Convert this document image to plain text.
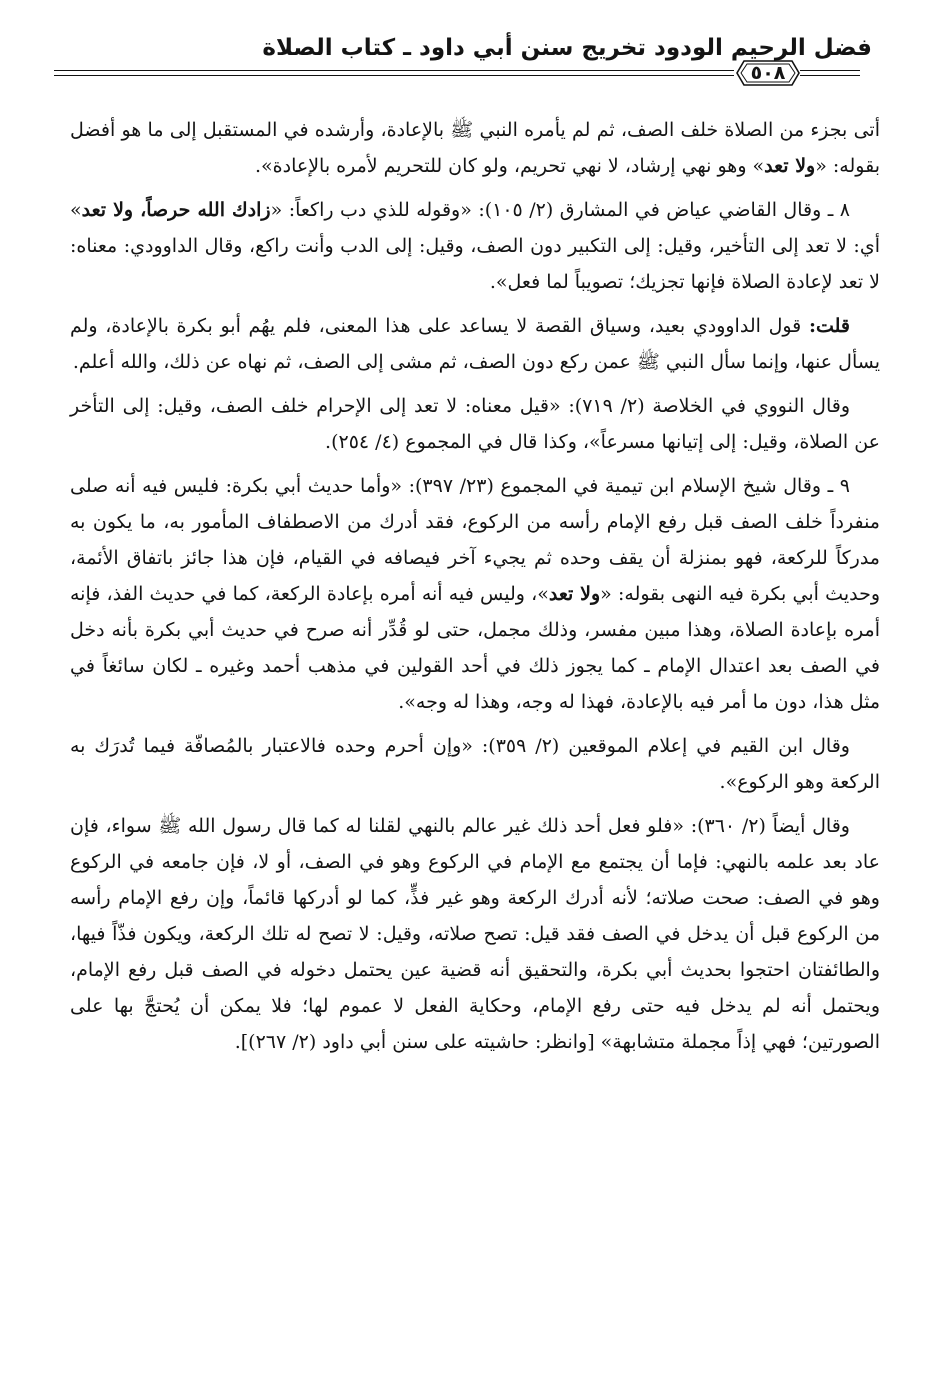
فضل الرحيم الودود تخريج سنن أبي داود ـ كتاب الصلاة
٥٠٨

أتى بجزء من الصلاة خلف الصف، ثم لم يأمره النبي ﷺ بالإعادة، وأرشده في المستقبل إلى ما هو أفضل بقوله: «ولا تعد» وهو نهي إرشاد، لا نهي تحريم، ولو كان للتحريم لأمره بالإعادة».

٨ ـ وقال القاضي عياض في المشارق (٢/ ١٠٥): «وقوله للذي دب راكعاً: «زادك الله حرصاً، ولا تعد» أي: لا تعد إلى التأخير، وقيل: إلى التكبير دون الصف، وقيل: إلى الدب وأنت راكع، وقال الداوودي: معناه: لا تعد لإعادة الصلاة فإنها تجزيك؛ تصويباً لما فعل».

قلت: قول الداوودي بعيد، وسياق القصة لا يساعد على هذا المعنى، فلم يهُم أبو بكرة بالإعادة، ولم يسأل عنها، وإنما سأل النبي ﷺ عمن ركع دون الصف، ثم مشى إلى الصف، ثم نهاه عن ذلك، والله أعلم.

وقال النووي في الخلاصة (٢/ ٧١٩): «قيل معناه: لا تعد إلى الإحرام خلف الصف، وقيل: إلى التأخر عن الصلاة، وقيل: إلى إتيانها مسرعاً»، وكذا قال في المجموع (٤/ ٢٥٤).

٩ ـ وقال شيخ الإسلام ابن تيمية في المجموع (٢٣/ ٣٩٧): «وأما حديث أبي بكرة: فليس فيه أنه صلى منفرداً خلف الصف قبل رفع الإمام رأسه من الركوع، فقد أدرك من الاصطفاف المأمور به، ما يكون به مدركاً للركعة، فهو بمنزلة أن يقف وحده ثم يجيء آخر فيصافه في القيام، فإن هذا جائز باتفاق الأئمة، وحديث أبي بكرة فيه النهى بقوله: «ولا تعد»، وليس فيه أنه أمره بإعادة الركعة، كما في حديث الفذ، فإنه أمره بإعادة الصلاة، وهذا مبين مفسر، وذلك مجمل، حتى لو قُدِّر أنه صرح في حديث أبي بكرة بأنه دخل في الصف بعد اعتدال الإمام ـ كما يجوز ذلك في أحد القولين في مذهب أحمد وغيره ـ لكان سائغاً في مثل هذا، دون ما أمر فيه بالإعادة، فهذا له وجه، وهذا له وجه».

وقال ابن القيم في إعلام الموقعين (٢/ ٣٥٩): «وإن أحرم وحده فالاعتبار بالمُصافّة فيما تُدرَك به الركعة وهو الركوع».

وقال أيضاً (٢/ ٣٦٠): «فلو فعل أحد ذلك غير عالم بالنهي لقلنا له كما قال رسول الله ﷺ سواء، فإن عاد بعد علمه بالنهي: فإما أن يجتمع مع الإمام في الركوع وهو في الصف، أو لا، فإن جامعه في الركوع وهو في الصف: صحت صلاته؛ لأنه أدرك الركعة وهو غير فذٍّ، كما لو أدركها قائماً، وإن رفع الإمام رأسه من الركوع قبل أن يدخل في الصف فقد قيل: تصح صلاته، وقيل: لا تصح له تلك الركعة، ويكون فذّاً فيها، والطائفتان احتجوا بحديث أبي بكرة، والتحقيق أنه قضية عين يحتمل دخوله في الصف قبل رفع الإمام، ويحتمل أنه لم يدخل فيه حتى رفع الإمام، وحكاية الفعل لا عموم لها؛ فلا يمكن أن يُحتجَّ بها على الصورتين؛ فهي إذاً مجملة متشابهة» [وانظر: حاشيته على سنن أبي داود (٢/ ٢٦٧)].
